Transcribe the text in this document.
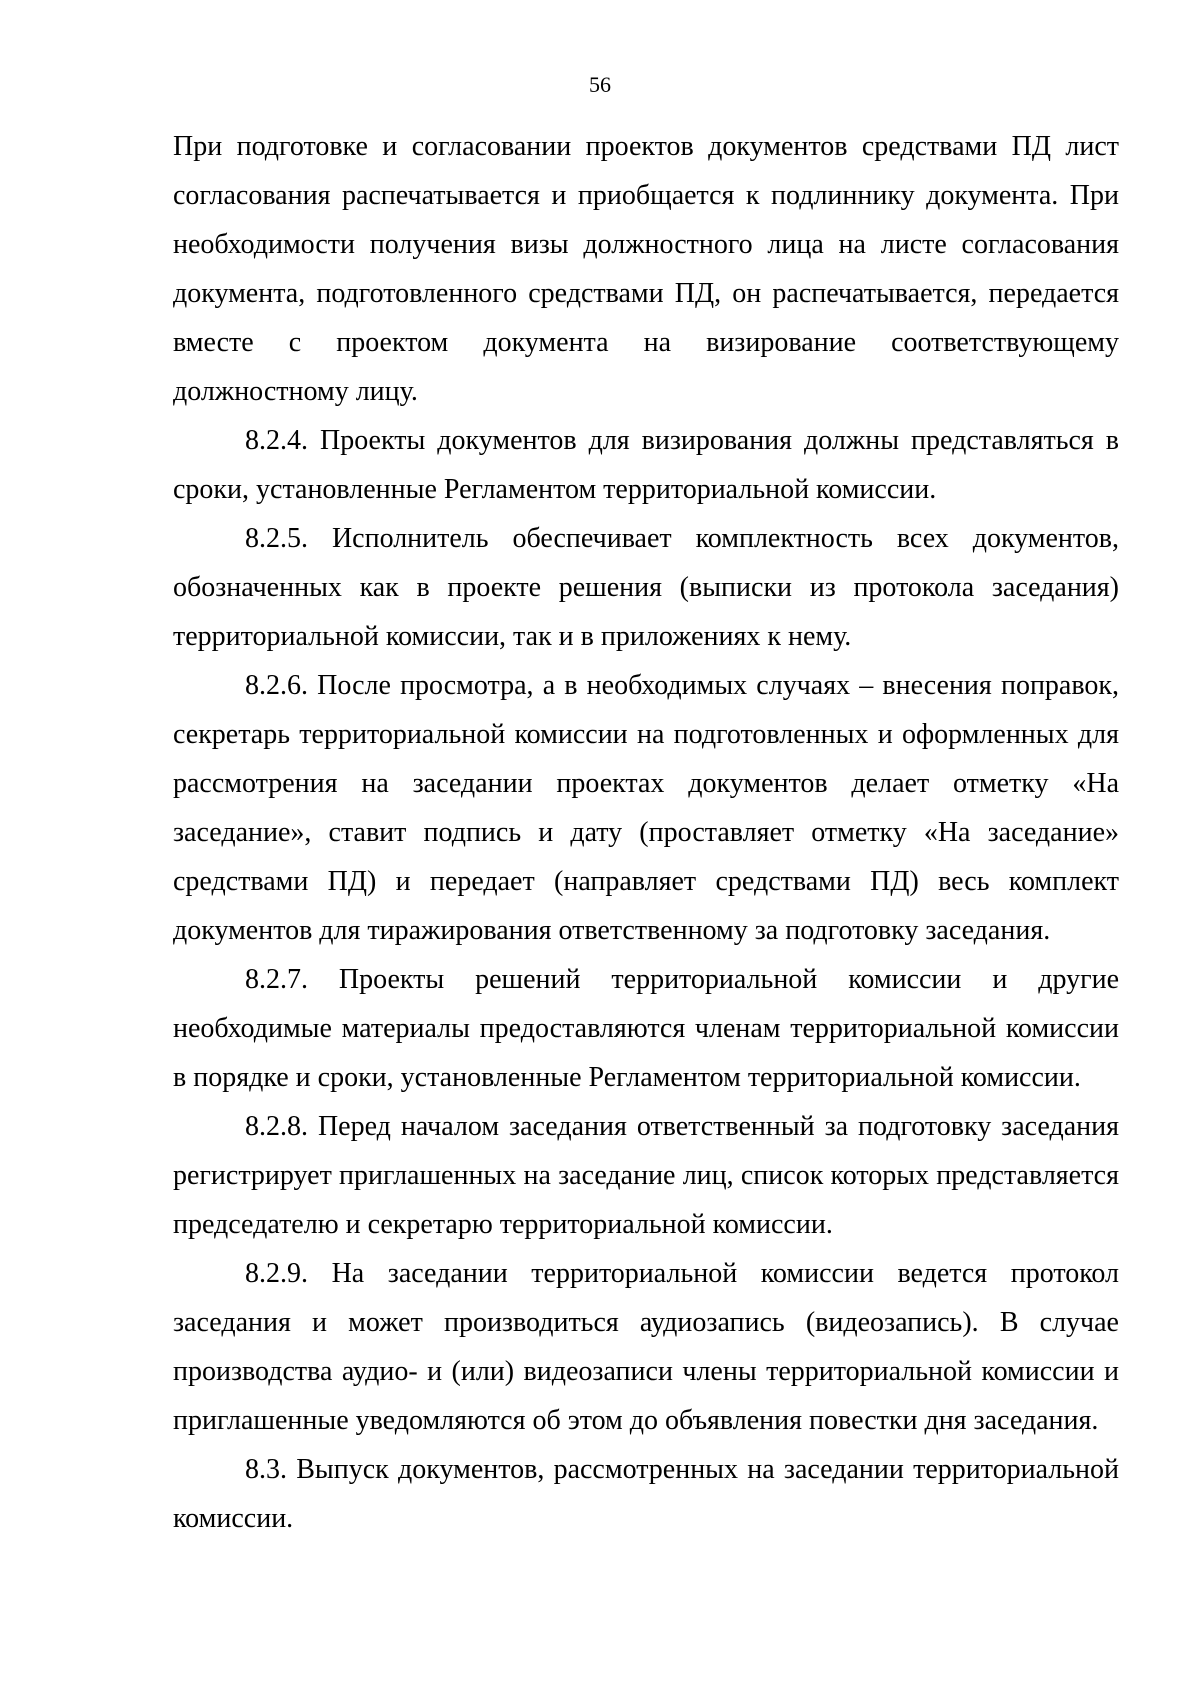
56

При подготовке и согласовании проектов документов средствами ПД лист согласования распечатывается и приобщается к подлиннику документа. При необходимости получения визы должностного лица на листе согласования документа, подготовленного средствами ПД, он распечатывается, передается вместе с проектом документа на визирование соответствующему должностному лицу.

8.2.4. Проекты документов для визирования должны представляться в сроки, установленные Регламентом территориальной комиссии.

8.2.5. Исполнитель обеспечивает комплектность всех документов, обозначенных как в проекте решения (выписки из протокола заседания) территориальной комиссии, так и в приложениях к нему.

8.2.6. После просмотра, а в необходимых случаях – внесения поправок, секретарь территориальной комиссии на подготовленных и оформленных для рассмотрения на заседании проектах документов делает отметку «На заседание», ставит подпись и дату (проставляет отметку «На заседание» средствами ПД) и передает (направляет средствами ПД) весь комплект документов для тиражирования ответственному за подготовку заседания.

8.2.7. Проекты решений территориальной комиссии и другие необходимые материалы предоставляются членам территориальной комиссии в порядке и сроки, установленные Регламентом территориальной комиссии.

8.2.8. Перед началом заседания ответственный за подготовку заседания регистрирует приглашенных на заседание лиц, список которых представляется председателю и секретарю территориальной комиссии.

8.2.9. На заседании территориальной комиссии ведется протокол заседания и может производиться аудиозапись (видеозапись). В случае производства аудио- и (или) видеозаписи члены территориальной комиссии и приглашенные уведомляются об этом до объявления повестки дня заседания.

8.3. Выпуск документов, рассмотренных на заседании территориальной комиссии.
